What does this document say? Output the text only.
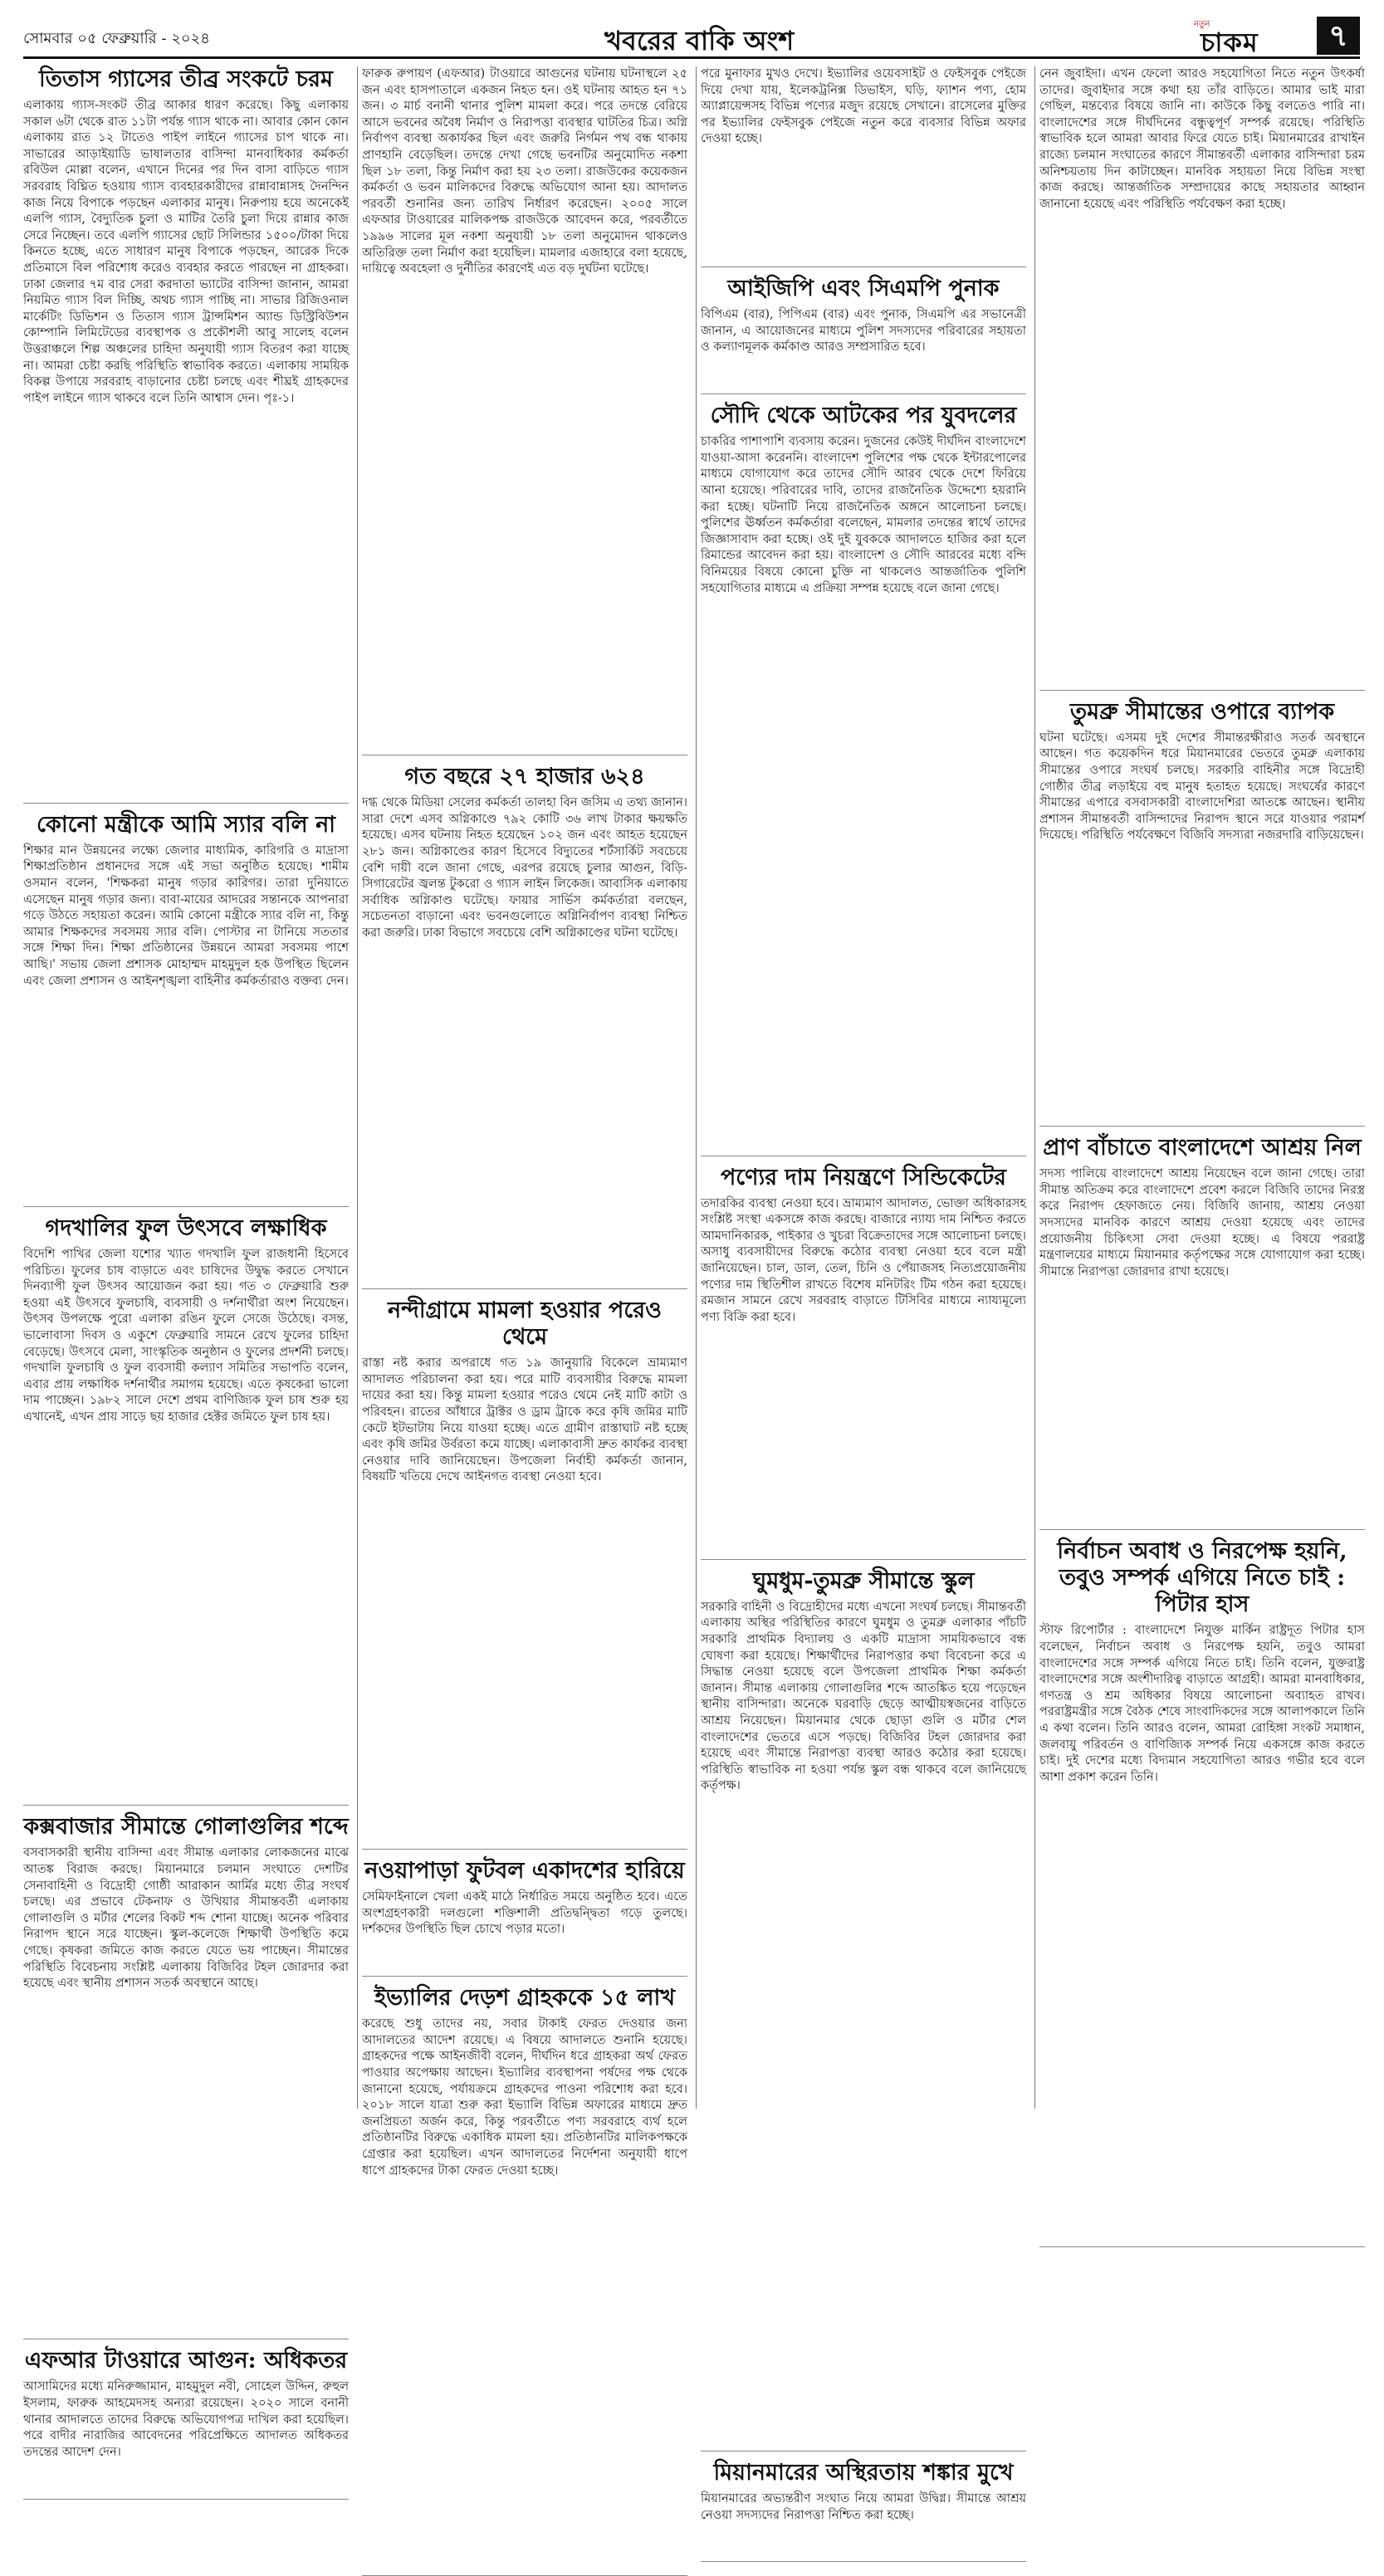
সোমবার ০৫ ফেব্রুয়ারি - ২০২৪	খবরের বাকি অংশ
নতুন
চাকম	৭
তিতাস গ্যাসের তীব্র সংকটে চরম

এলাকায় গ্যাস-সংকট তীব্র আকার ধারণ করেছে। কিছু এলাকায় সকাল ৬টা থেকে রাত ১১টা পর্যন্ত গ্যাস থাকে না। আবার কোন কোন এলাকায় রাত ১২ টাতেও পাইপ লাইনে গ্যাসের চাপ থাকে না। সাভারের আড়াইয়াডি ভাষালতার বাসিন্দা মানবাধিকার কর্মকর্তা রবিউল মোল্লা বলেন, এখানে দিনের পর দিন বাসা বাড়িতে গ্যাস সরবরাহ বিঘ্নিত হওয়ায় গ্যাস ব্যবহারকারীদের রান্নাবান্নাসহ দৈনন্দিন কাজ নিয়ে বিপাকে পড়ছেন এলাকার মানুষ। নিরুপায় হয়ে অনেকেই এলপি গ্যাস, বৈদ্যুতিক চুলা ও মাটির তৈরি চুলা দিয়ে রান্নার কাজ সেরে নিচ্ছেন। তবে এলপি গ্যাসের ছোট সিলিন্ডার ১৫০০/টাকা দিয়ে কিনতে হচ্ছে, এতে সাধারণ মানুষ বিপাকে পড়ছেন, আরেক দিকে প্রতিমাসে বিল পরিশোধ করেও ব্যবহার করতে পারছেন না গ্রাহকরা। ঢাকা জেলার ৭ম বার সেরা করদাতা ভ্যাটের বাসিন্দা জানান, আমরা নিয়মিত গ্যাস বিল দিচ্ছি, অথচ গ্যাস পাচ্ছি না। সাভার রিজিওনাল মার্কেটিং ডিভিশন ও তিতাস গ্যাস ট্রান্সমিশন অ্যান্ড ডিস্ট্রিবিউশন কোম্পানি লিমিটেডের ব্যবস্থাপক ও প্রকৌশলী আবু সালেহ বলেন উত্তরাঞ্চলে শিল্প অঞ্চলের চাহিদা অনুযায়ী গ্যাস বিতরণ করা যাচ্ছে না। আমরা চেষ্টা করছি পরিস্থিতি স্বাভাবিক করতে। এলাকায় সাময়িক বিকল্প উপায়ে সরবরাহ বাড়ানোর চেষ্টা চলছে এবং শীঘ্রই গ্রাহকদের পাইপ লাইনে গ্যাস থাকবে বলে তিনি আশ্বাস দেন। পৃঃ-১।

কোনো মন্ত্রীকে আমি স্যার বলি না

শিক্ষার মান উন্নয়নের লক্ষ্যে জেলার মাধ্যমিক, কারিগরি ও মাদ্রাসা শিক্ষাপ্রতিষ্ঠান প্রধানদের সঙ্গে এই সভা অনুষ্ঠিত হয়েছে। শামীম ওসমান বলেন, 'শিক্ষকরা মানুষ গড়ার কারিগর। তারা দুনিয়াতে এসেছেন মানুষ গড়ার জন্য। বাবা-মায়ের আদরের সন্তানকে আপনারা গড়ে উঠতে সহায়তা করেন। আমি কোনো মন্ত্রীকে স্যার বলি না, কিন্তু আমার শিক্ষকদের সবসময় স্যার বলি। পোস্টার না টানিয়ে সততার সঙ্গে শিক্ষা দিন। শিক্ষা প্রতিষ্ঠানের উন্নয়নে আমরা সবসময় পাশে আছি।' সভায় জেলা প্রশাসক মোহাম্মদ মাহমুদুল হক উপস্থিত ছিলেন এবং জেলা প্রশাসন ও আইনশৃঙ্খলা বাহিনীর কর্মকর্তারাও বক্তব্য দেন।

গদখালির ফুল উৎসবে লক্ষাধিক

বিদেশি পাখির জেলা যশোর খ্যাত গদখালি ফুল রাজধানী হিসেবে পরিচিত। ফুলের চাষ বাড়াতে এবং চাষিদের উদ্বুদ্ধ করতে সেখানে দিনব্যাপী ফুল উৎসব আয়োজন করা হয়। গত ৩ ফেব্রুয়ারি শুরু হওয়া এই উৎসবে ফুলচাষি, ব্যবসায়ী ও দর্শনার্থীরা অংশ নিয়েছেন। উৎসব উপলক্ষে পুরো এলাকা রঙিন ফুলে সেজে উঠেছে। বসন্ত, ভালোবাসা দিবস ও একুশে ফেব্রুয়ারি সামনে রেখে ফুলের চাহিদা বেড়েছে। উৎসবে মেলা, সাংস্কৃতিক অনুষ্ঠান ও ফুলের প্রদর্শনী চলছে। গদখালি ফুলচাষি ও ফুল ব্যবসায়ী কল্যাণ সমিতির সভাপতি বলেন, এবার প্রায় লক্ষাধিক দর্শনার্থীর সমাগম হয়েছে। এতে কৃষকেরা ভালো দাম পাচ্ছেন। ১৯৮২ সালে দেশে প্রথম বাণিজ্যিক ফুল চাষ শুরু হয় এখানেই, এখন প্রায় সাড়ে ছয় হাজার হেক্টর জমিতে ফুল চাষ হয়।

কক্সবাজার সীমান্তে গোলাগুলির শব্দে

বসবাসকারী স্থানীয় বাসিন্দা এবং সীমান্ত এলাকার লোকজনের মাঝে আতঙ্ক বিরাজ করছে। মিয়ানমারে চলমান সংঘাতে দেশটির সেনাবাহিনী ও বিদ্রোহী গোষ্ঠী আরাকান আর্মির মধ্যে তীব্র সংঘর্ষ চলছে। এর প্রভাবে টেকনাফ ও উখিয়ার সীমান্তবর্তী এলাকায় গোলাগুলি ও মর্টার শেলের বিকট শব্দ শোনা যাচ্ছে। অনেক পরিবার নিরাপদ স্থানে সরে যাচ্ছেন। স্কুল-কলেজে শিক্ষার্থী উপস্থিতি কমে গেছে। কৃষকরা জমিতে কাজ করতে যেতে ভয় পাচ্ছেন। সীমান্তের পরিস্থিতি বিবেচনায় সংশ্লিষ্ট এলাকায় বিজিবির টহল জোরদার করা হয়েছে এবং স্থানীয় প্রশাসন সতর্ক অবস্থানে আছে।

এফআর টাওয়ারে আগুন: অধিকতর

আসামিদের মধ্যে মনিরুজ্জামান, মাহমুদুল নবী, সোহেল উদ্দিন, রুহুল ইসলাম, ফারুক আহমেদসহ অন্যরা রয়েছেন। ২০২০ সালে বনানী থানার আদালতে তাদের বিরুদ্ধে অভিযোগপত্র দাখিল করা হয়েছিল। পরে বাদীর নারাজির আবেদনের পরিপ্রেক্ষিতে আদালত অধিকতর তদন্তের আদেশ দেন।

ফারুক রুপায়ণ (এফআর) টাওয়ারে আগুনের ঘটনায় ঘটনাস্থলে ২৫ জন এবং হাসপাতালে একজন নিহত হন। ওই ঘটনায় আহত হন ৭১ জন। ৩ মার্চ বনানী থানার পুলিশ মামলা করে। পরে তদন্তে বেরিয়ে আসে ভবনের অবৈধ নির্মাণ ও নিরাপত্তা ব্যবস্থার ঘাটতির চিত্র। অগ্নি নির্বাপণ ব্যবস্থা অকার্যকর ছিল এবং জরুরি নির্গমন পথ বন্ধ থাকায় প্রাণহানি বেড়েছিল। তদন্তে দেখা গেছে ভবনটির অনুমোদিত নকশা ছিল ১৮ তলা, কিন্তু নির্মাণ করা হয় ২৩ তলা। রাজউকের কয়েকজন কর্মকর্তা ও ভবন মালিকদের বিরুদ্ধে অভিযোগ আনা হয়। আদালত পরবর্তী শুনানির জন্য তারিখ নির্ধারণ করেছেন। ২০০৫ সালে এফআর টাওয়ারের মালিকপক্ষ রাজউকে আবেদন করে, পরবর্তীতে ১৯৯৬ সালের মূল নকশা অনুযায়ী ১৮ তলা অনুমোদন থাকলেও অতিরিক্ত তলা নির্মাণ করা হয়েছিল। মামলার এজাহারে বলা হয়েছে, দায়িত্বে অবহেলা ও দুর্নীতির কারণেই এত বড় দুর্ঘটনা ঘটেছে।

গত বছরে ২৭ হাজার ৬২৪

দগ্ধ থেকে মিডিয়া সেলের কর্মকর্তা তালহা বিন জসিম এ তথ্য জানান। সারা দেশে এসব অগ্নিকাণ্ডে ৭৯২ কোটি ৩৬ লাখ টাকার ক্ষয়ক্ষতি হয়েছে। এসব ঘটনায় নিহত হয়েছেন ১০২ জন এবং আহত হয়েছেন ২৮১ জন। অগ্নিকাণ্ডের কারণ হিসেবে বিদ্যুতের শর্টসার্কিট সবচেয়ে বেশি দায়ী বলে জানা গেছে, এরপর রয়েছে চুলার আগুন, বিড়ি-সিগারেটের জ্বলন্ত টুকরো ও গ্যাস লাইন লিকেজ। আবাসিক এলাকায় সর্বাধিক অগ্নিকাণ্ড ঘটেছে। ফায়ার সার্ভিস কর্মকর্তারা বলছেন, সচেতনতা বাড়ানো এবং ভবনগুলোতে অগ্নিনির্বাপণ ব্যবস্থা নিশ্চিত করা জরুরি। ঢাকা বিভাগে সবচেয়ে বেশি অগ্নিকাণ্ডের ঘটনা ঘটেছে।

নন্দীগ্রামে মামলা হওয়ার পরেও থেমে

রাস্তা নষ্ট করার অপরাধে গত ১৯ জানুয়ারি বিকেলে ভ্রাম্যমাণ আদালত পরিচালনা করা হয়। পরে মাটি ব্যবসায়ীর বিরুদ্ধে মামলা দায়ের করা হয়। কিন্তু মামলা হওয়ার পরেও থেমে নেই মাটি কাটা ও পরিবহন। রাতের আঁধারে ট্রাক্টর ও ড্রাম ট্রাকে করে কৃষি জমির মাটি কেটে ইটভাটায় নিয়ে যাওয়া হচ্ছে। এতে গ্রামীণ রাস্তাঘাট নষ্ট হচ্ছে এবং কৃষি জমির উর্বরতা কমে যাচ্ছে। এলাকাবাসী দ্রুত কার্যকর ব্যবস্থা নেওয়ার দাবি জানিয়েছেন। উপজেলা নির্বাহী কর্মকর্তা জানান, বিষয়টি খতিয়ে দেখে আইনগত ব্যবস্থা নেওয়া হবে।

নওয়াপাড়া ফুটবল একাদশের হারিয়ে

সেমিফাইনালে খেলা একই মাঠে নির্ধারিত সময়ে অনুষ্ঠিত হবে। এতে অংশগ্রহণকারী দলগুলো শক্তিশালী প্রতিদ্বন্দ্বিতা গড়ে তুলছে। দর্শকদের উপস্থিতি ছিল চোখে পড়ার মতো।

ইভ্যালির দেড়শ গ্রাহককে ১৫ লাখ

করেছে শুধু তাদের নয়, সবার টাকাই ফেরত দেওয়ার জন্য আদালতের আদেশ রয়েছে। এ বিষয়ে আদালতে শুনানি হয়েছে। গ্রাহকদের পক্ষে আইনজীবী বলেন, দীর্ঘদিন ধরে গ্রাহকরা অর্থ ফেরত পাওয়ার অপেক্ষায় আছেন। ইভ্যালির ব্যবস্থাপনা পর্ষদের পক্ষ থেকে জানানো হয়েছে, পর্যায়ক্রমে গ্রাহকদের পাওনা পরিশোধ করা হবে। ২০১৮ সালে যাত্রা শুরু করা ইভ্যালি বিভিন্ন অফারের মাধ্যমে দ্রুত জনপ্রিয়তা অর্জন করে, কিন্তু পরবর্তীতে পণ্য সরবরাহে ব্যর্থ হলে প্রতিষ্ঠানটির বিরুদ্ধে একাধিক মামলা হয়। প্রতিষ্ঠানটির মালিকপক্ষকে গ্রেপ্তার করা হয়েছিল। এখন আদালতের নির্দেশনা অনুযায়ী ধাপে ধাপে গ্রাহকদের টাকা ফেরত দেওয়া হচ্ছে।

পরে মুনাফার মুখও দেখে। ইভ্যালির ওয়েবসাইট ও ফেইসবুক পেইজে দিয়ে দেখা যায়, ইলেকট্রনিক্স ডিভাইস, ঘড়ি, ফ্যাশন পণ্য, হোম অ্যাপ্লায়েন্সসহ বিভিন্ন পণ্যের মজুদ রয়েছে সেখানে। রাসেলের মুক্তির পর ইভ্যালির ফেইসবুক পেইজে নতুন করে ব্যবসার বিভিন্ন অফার দেওয়া হচ্ছে।

আইজিপি এবং সিএমপি পুনাক

বিপিএম (বার), পিপিএম (বার) এবং পুনাক, সিএমপি এর সভানেত্রী জানান, এ আয়োজনের মাধ্যমে পুলিশ সদস্যদের পরিবারের সহায়তা ও কল্যাণমূলক কর্মকাণ্ড আরও সম্প্রসারিত হবে।

সৌদি থেকে আটকের পর যুবদলের

চাকরির পাশাপাশি ব্যবসায় করেন। দুজনের কেউই দীর্ঘদিন বাংলাদেশে যাওয়া-আসা করেননি। বাংলাদেশ পুলিশের পক্ষ থেকে ইন্টারপোলের মাধ্যমে যোগাযোগ করে তাদের সৌদি আরব থেকে দেশে ফিরিয়ে আনা হয়েছে। পরিবারের দাবি, তাদের রাজনৈতিক উদ্দেশ্যে হয়রানি করা হচ্ছে। ঘটনাটি নিয়ে রাজনৈতিক অঙ্গনে আলোচনা চলছে। পুলিশের ঊর্ধ্বতন কর্মকর্তারা বলেছেন, মামলার তদন্তের স্বার্থে তাদের জিজ্ঞাসাবাদ করা হচ্ছে। ওই দুই যুবককে আদালতে হাজির করা হলে রিমান্ডের আবেদন করা হয়। বাংলাদেশ ও সৌদি আরবের মধ্যে বন্দি বিনিময়ের বিষয়ে কোনো চুক্তি না থাকলেও আন্তর্জাতিক পুলিশি সহযোগিতার মাধ্যমে এ প্রক্রিয়া সম্পন্ন হয়েছে বলে জানা গেছে।

পণ্যের দাম নিয়ন্ত্রণে সিন্ডিকেটের

তদারকির ব্যবস্থা নেওয়া হবে। ভ্রাম্যমাণ আদালত, ভোক্তা অধিকারসহ সংশ্লিষ্ট সংস্থা একসঙ্গে কাজ করছে। বাজারে ন্যায্য দাম নিশ্চিত করতে আমদানিকারক, পাইকার ও খুচরা বিক্রেতাদের সঙ্গে আলোচনা চলছে। অসাধু ব্যবসায়ীদের বিরুদ্ধে কঠোর ব্যবস্থা নেওয়া হবে বলে মন্ত্রী জানিয়েছেন। চাল, ডাল, তেল, চিনি ও পেঁয়াজসহ নিত্যপ্রয়োজনীয় পণ্যের দাম স্থিতিশীল রাখতে বিশেষ মনিটরিং টিম গঠন করা হয়েছে। রমজান সামনে রেখে সরবরাহ বাড়াতে টিসিবির মাধ্যমে ন্যায্যমূল্যে পণ্য বিক্রি করা হবে।

ঘুমধুম-তুমব্রু সীমান্তে স্কুল

সরকারি বাহিনী ও বিদ্রোহীদের মধ্যে এখনো সংঘর্ষ চলছে। সীমান্তবর্তী এলাকায় অস্থির পরিস্থিতির কারণে ঘুমধুম ও তুমব্রু এলাকার পাঁচটি সরকারি প্রাথমিক বিদ্যালয় ও একটি মাদ্রাসা সাময়িকভাবে বন্ধ ঘোষণা করা হয়েছে। শিক্ষার্থীদের নিরাপত্তার কথা বিবেচনা করে এ সিদ্ধান্ত নেওয়া হয়েছে বলে উপজেলা প্রাথমিক শিক্ষা কর্মকর্তা জানান। সীমান্ত এলাকায় গোলাগুলির শব্দে আতঙ্কিত হয়ে পড়েছেন স্থানীয় বাসিন্দারা। অনেকে ঘরবাড়ি ছেড়ে আত্মীয়স্বজনের বাড়িতে আশ্রয় নিয়েছেন। মিয়ানমার থেকে ছোড়া গুলি ও মর্টার শেল বাংলাদেশের ভেতরে এসে পড়ছে। বিজিবির টহল জোরদার করা হয়েছে এবং সীমান্তে নিরাপত্তা ব্যবস্থা আরও কঠোর করা হয়েছে। পরিস্থিতি স্বাভাবিক না হওয়া পর্যন্ত স্কুল বন্ধ থাকবে বলে জানিয়েছে কর্তৃপক্ষ।

মিয়ানমারের অস্থিরতায় শঙ্কার মুখে

মিয়ানমারের অভ্যন্তরীণ সংঘাত নিয়ে আমরা উদ্বিগ্ন। সীমান্তে আশ্রয় নেওয়া সদস্যদের নিরাপত্তা নিশ্চিত করা হচ্ছে।

নেন জুবাইদা। এখন ফেলো আরও সহযোগিতা নিতে নতুন উৎকর্ষা তাদের। জুবাইদার সঙ্গে কথা হয় তাঁর বাড়িতে। আমার ভাই মারা গেছিল, মন্তব্যের বিষয়ে জানি না। কাউকে কিছু বলতেও পারি না। বাংলাদেশের সঙ্গে দীর্ঘদিনের বন্ধুত্বপূর্ণ সম্পর্ক রয়েছে। পরিস্থিতি স্বাভাবিক হলে আমরা আবার ফিরে যেতে চাই। মিয়ানমারের রাখাইন রাজ্যে চলমান সংঘাতের কারণে সীমান্তবর্তী এলাকার বাসিন্দারা চরম অনিশ্চয়তায় দিন কাটাচ্ছেন। মানবিক সহায়তা নিয়ে বিভিন্ন সংস্থা কাজ করছে। আন্তর্জাতিক সম্প্রদায়ের কাছে সহায়তার আহ্বান জানানো হয়েছে এবং পরিস্থিতি পর্যবেক্ষণ করা হচ্ছে।

তুমব্রু সীমান্তের ওপারে ব্যাপক

ঘটনা ঘটেছে। এসময় দুই দেশের সীমান্তরক্ষীরাও সতর্ক অবস্থানে আছেন। গত কয়েকদিন ধরে মিয়ানমারের ভেতরে তুমব্রু এলাকায় সীমান্তের ওপারে সংঘর্ষ চলছে। সরকারি বাহিনীর সঙ্গে বিদ্রোহী গোষ্ঠীর তীব্র লড়াইয়ে বহু মানুষ হতাহত হয়েছে। সংঘর্ষের কারণে সীমান্তের এপারে বসবাসকারী বাংলাদেশিরা আতঙ্কে আছেন। স্থানীয় প্রশাসন সীমান্তবর্তী বাসিন্দাদের নিরাপদ স্থানে সরে যাওয়ার পরামর্শ দিয়েছে। পরিস্থিতি পর্যবেক্ষণে বিজিবি সদস্যরা নজরদারি বাড়িয়েছেন।

প্রাণ বাঁচাতে বাংলাদেশে আশ্রয় নিল

সদস্য পালিয়ে বাংলাদেশে আশ্রয় নিয়েছেন বলে জানা গেছে। তারা সীমান্ত অতিক্রম করে বাংলাদেশে প্রবেশ করলে বিজিবি তাদের নিরস্ত্র করে নিরাপদ হেফাজতে নেয়। বিজিবি জানায়, আশ্রয় নেওয়া সদস্যদের মানবিক কারণে আশ্রয় দেওয়া হয়েছে এবং তাদের প্রয়োজনীয় চিকিৎসা সেবা দেওয়া হচ্ছে। এ বিষয়ে পররাষ্ট্র মন্ত্রণালয়ের মাধ্যমে মিয়ানমার কর্তৃপক্ষের সঙ্গে যোগাযোগ করা হচ্ছে। সীমান্তে নিরাপত্তা জোরদার রাখা হয়েছে।

নির্বাচন অবাধ ও নিরপেক্ষ হয়নি, তবুও সম্পর্ক এগিয়ে নিতে চাই : পিটার হাস

স্টাফ রিপোর্টার : বাংলাদেশে নিযুক্ত মার্কিন রাষ্ট্রদূত পিটার হাস বলেছেন, নির্বাচন অবাধ ও নিরপেক্ষ হয়নি, তবুও আমরা বাংলাদেশের সঙ্গে সম্পর্ক এগিয়ে নিতে চাই। তিনি বলেন, যুক্তরাষ্ট্র বাংলাদেশের সঙ্গে অংশীদারিত্ব বাড়াতে আগ্রহী। আমরা মানবাধিকার, গণতন্ত্র ও শ্রম অধিকার বিষয়ে আলোচনা অব্যাহত রাখব। পররাষ্ট্রমন্ত্রীর সঙ্গে বৈঠক শেষে সাংবাদিকদের সঙ্গে আলাপকালে তিনি এ কথা বলেন। তিনি আরও বলেন, আমরা রোহিঙ্গা সংকট সমাধান, জলবায়ু পরিবর্তন ও বাণিজ্যিক সম্পর্ক নিয়ে একসঙ্গে কাজ করতে চাই। দুই দেশের মধ্যে বিদ্যমান সহযোগিতা আরও গভীর হবে বলে আশা প্রকাশ করেন তিনি।
